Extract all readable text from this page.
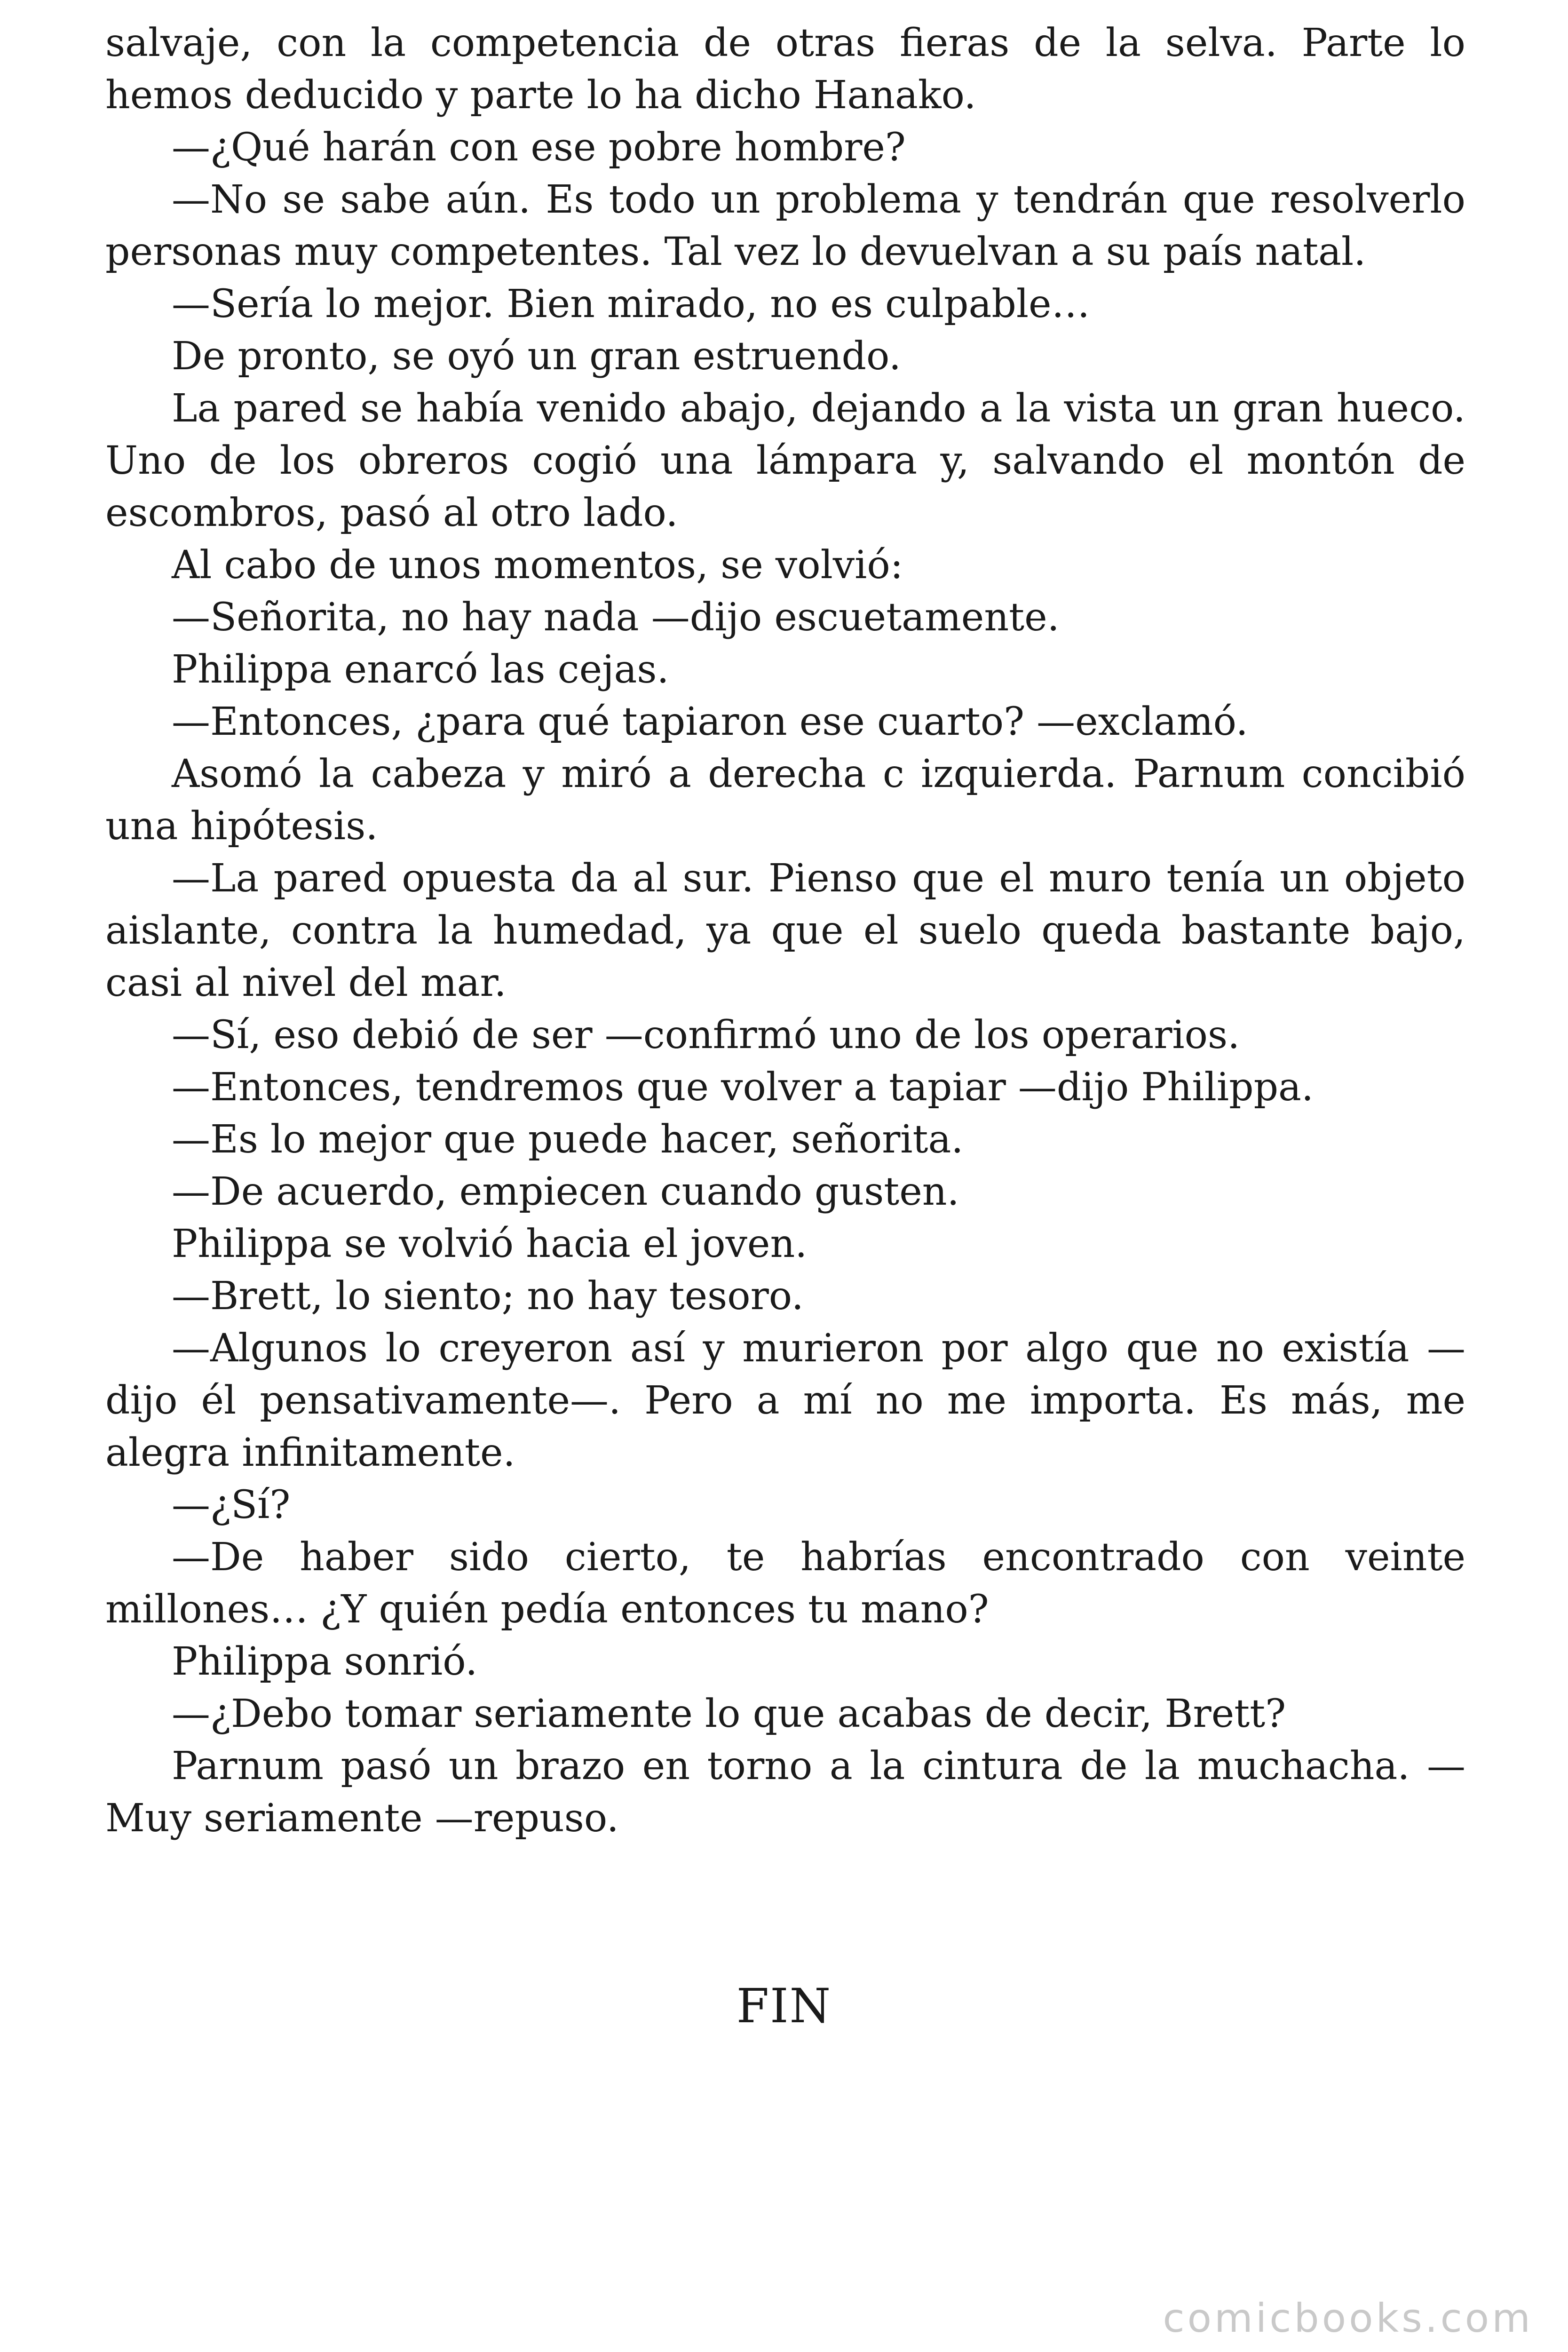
salvaje, con la competencia de otras fieras de la selva. Parte lo hemos deducido y parte lo ha dicho Hanako.

—¿Qué harán con ese pobre hombre?

—No se sabe aún. Es todo un problema y tendrán que resolverlo personas muy competentes. Tal vez lo devuelvan a su país natal.

—Sería lo mejor. Bien mirado, no es culpable…

De pronto, se oyó un gran estruendo.

La pared se había venido abajo, dejando a la vista un gran hueco. Uno de los obreros cogió una lámpara y, salvando el montón de escombros, pasó al otro lado.

Al cabo de unos momentos, se volvió:

—Señorita, no hay nada —dijo escuetamente.

Philippa enarcó las cejas.

—Entonces, ¿para qué tapiaron ese cuarto? —exclamó.

Asomó la cabeza y miró a derecha c izquierda. Parnum concibió una hipótesis.

—La pared opuesta da al sur. Pienso que el muro tenía un objeto aislante, contra la humedad, ya que el suelo queda bastante bajo, casi al nivel del mar.

—Sí, eso debió de ser —confirmó uno de los operarios.

—Entonces, tendremos que volver a tapiar —dijo Philippa.

—Es lo mejor que puede hacer, señorita.

—De acuerdo, empiecen cuando gusten.

Philippa se volvió hacia el joven.

—Brett, lo siento; no hay tesoro.

—Algunos lo creyeron así y murieron por algo que no existía —dijo él pensativamente—. Pero a mí no me importa. Es más, me alegra infinitamente.

—¿Sí?

—De haber sido cierto, te habrías encontrado con veinte millones… ¿Y quién pedía entonces tu mano?

Philippa sonrió.

—¿Debo tomar seriamente lo que acabas de decir, Brett?

Parnum pasó un brazo en torno a la cintura de la muchacha. —Muy seriamente —repuso.

FIN
comicbooks.com
